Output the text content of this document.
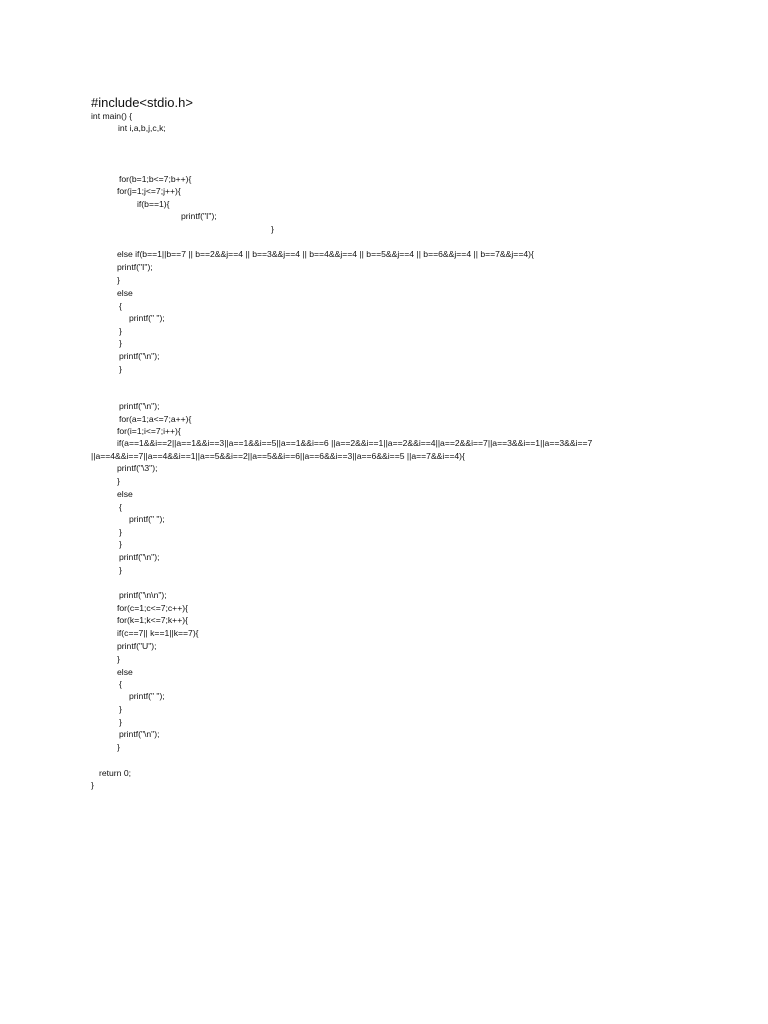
#include<stdio.h>
int main() {
int i,a,b,j,c,k;
for(b=1;b<=7;b++){
for(j=1;j<=7;j++){
if(b==1){
printf("I");
}
else if(b==1||b==7 || b==2&&j==4 || b==3&&j==4 || b==4&&j==4 || b==5&&j==4 || b==6&&j==4 || b==7&&j==4){
printf("I");
}
else
{
printf(" ");
}
}
printf("\n");
}
printf("\n");
for(a=1;a<=7;a++){
for(i=1;i<=7;i++){
if(a==1&&i==2||a==1&&i==3||a==1&&i==5||a==1&&i==6 ||a==2&&i==1||a==2&&i==4||a==2&&i==7||a==3&&i==1||a==3&&i==7
||a==4&&i==7||a==4&&i==1||a==5&&i==2||a==5&&i==6||a==6&&i==3||a==6&&i==5 ||a==7&&i==4){
printf("\3");
}
else
{
printf(" ");
}
}
printf("\n");
}
printf("\n\n");
for(c=1;c<=7;c++){
for(k=1;k<=7;k++){
if(c==7|| k==1||k==7){
printf("U");
}
else
{
printf(" ");
}
}
printf("\n");
}
return 0;
}
